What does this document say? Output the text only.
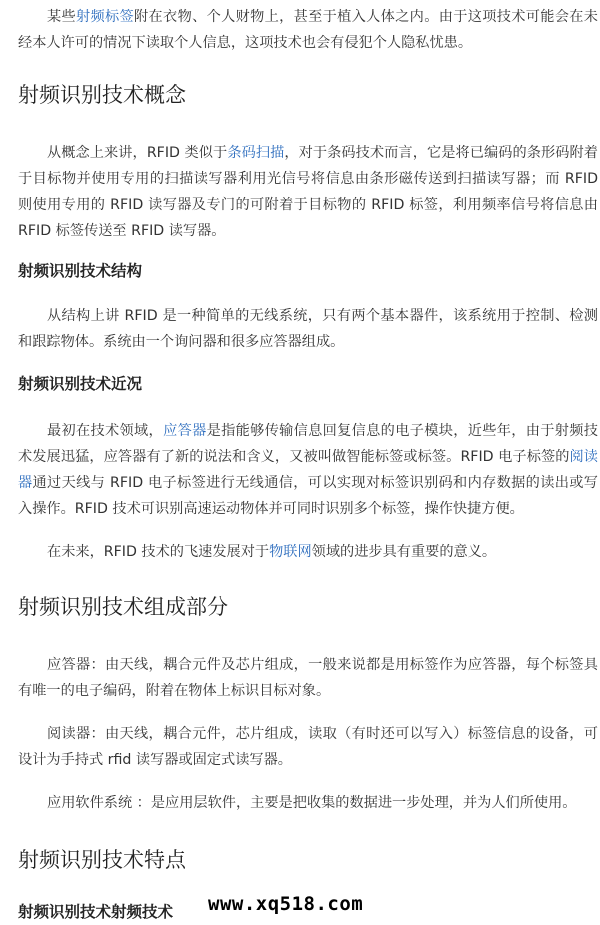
某些射频标签附在衣物、个人财物上，甚至于植入人体之内。由于这项技术可能会在未经本人许可的情况下读取个人信息，这项技术也会有侵犯个人隐私忧患。

射频识别技术概念

从概念上来讲，RFID 类似于条码扫描，对于条码技术而言，它是将已编码的条形码附着于目标物并使用专用的扫描读写器利用光信号将信息由条形磁传送到扫描读写器；而 RFID 则使用专用的 RFID 读写器及专门的可附着于目标物的 RFID 标签，利用频率信号将信息由 RFID 标签传送至 RFID 读写器。

射频识别技术结构

从结构上讲 RFID 是一种简单的无线系统，只有两个基本器件，该系统用于控制、检测和跟踪物体。系统由一个询问器和很多应答器组成。

射频识别技术近况

最初在技术领域，应答器是指能够传输信息回复信息的电子模块，近些年，由于射频技术发展迅猛，应答器有了新的说法和含义，又被叫做智能标签或标签。RFID 电子标签的阅读器通过天线与 RFID 电子标签进行无线通信，可以实现对标签识别码和内存数据的读出或写入操作。RFID 技术可识别高速运动物体并可同时识别多个标签，操作快捷方便。

在未来，RFID 技术的飞速发展对于物联网领域的进步具有重要的意义。

射频识别技术组成部分

应答器：由天线，耦合元件及芯片组成，一般来说都是用标签作为应答器，每个标签具有唯一的电子编码，附着在物体上标识目标对象。

阅读器：由天线，耦合元件，芯片组成，读取（有时还可以写入）标签信息的设备，可设计为手持式 rfid 读写器或固定式读写器。

应用软件系统 ：是应用层软件，主要是把收集的数据进一步处理，并为人们所使用。

射频识别技术特点
射频识别技术射频技术 www.xq518.com
